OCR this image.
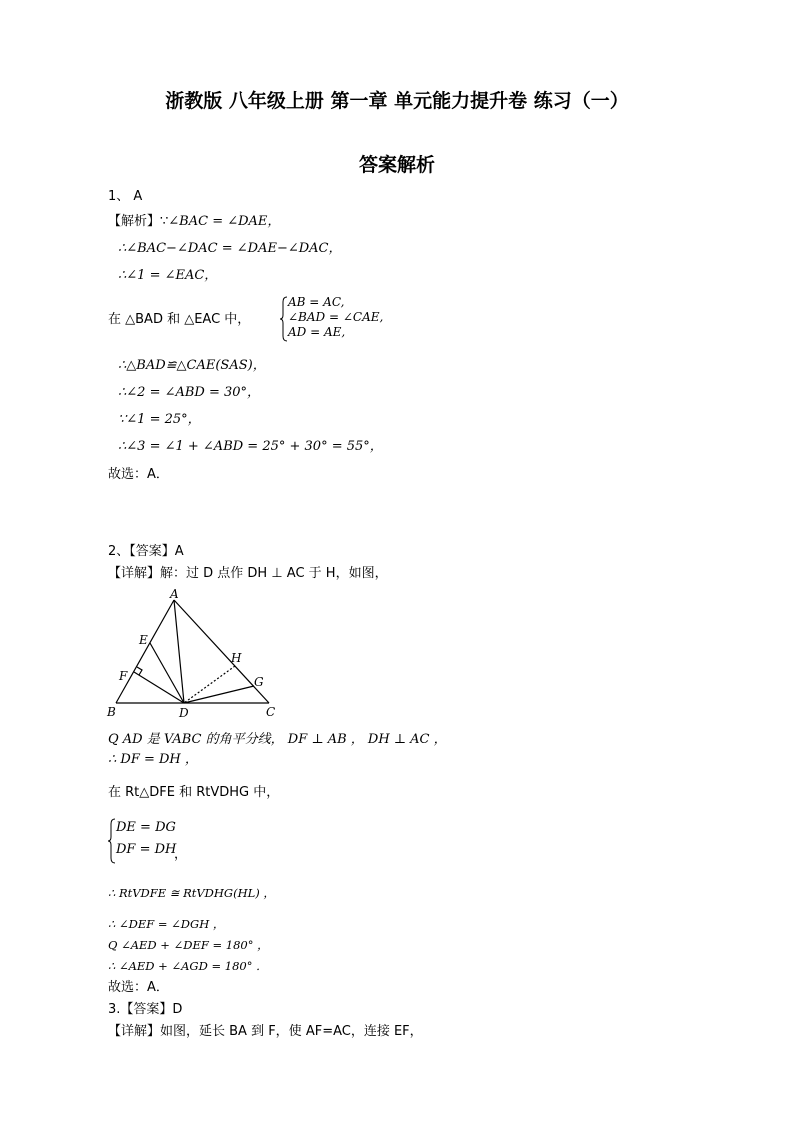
浙教版 八年级上册 第一章 单元能力提升卷 练习（一）
答案解析
1、 A
【解析】∵∠BAC = ∠DAE，
∴∠BAC−∠DAC = ∠DAE−∠DAC，
∴∠1 = ∠EAC，
在 △BAD 和 △EAC 中，
AB = AC,
∠BAD = ∠CAE,
AD = AE,
∴△BAD≌△CAE(SAS)，
∴∠2 = ∠ABD = 30°，
∵∠1 = 25°，
∴∠3 = ∠1 + ∠ABD = 25° + 30° = 55°，
故选：A．
2、【答案】A
【详解】解：过 D 点作 DH ⊥ AC 于 H，如图，
A
B	C
D
E
F	G
H
Q AD 是 VABC 的角平分线， DF ⊥ AB ， DH ⊥ AC ，
∴ DF = DH ，
在 Rt△DFE 和 RtVDHG 中，
DE = DG
DF = DH
，
∴ RtVDFE ≅ RtVDHG(HL) ，
∴ ∠DEF = ∠DGH ，
Q ∠AED + ∠DEF = 180° ，
∴ ∠AED + ∠AGD = 180° ．
故选：A．
3.【答案】D
【详解】如图，延长 BA 到 F，使 AF=AC，连接 EF，
